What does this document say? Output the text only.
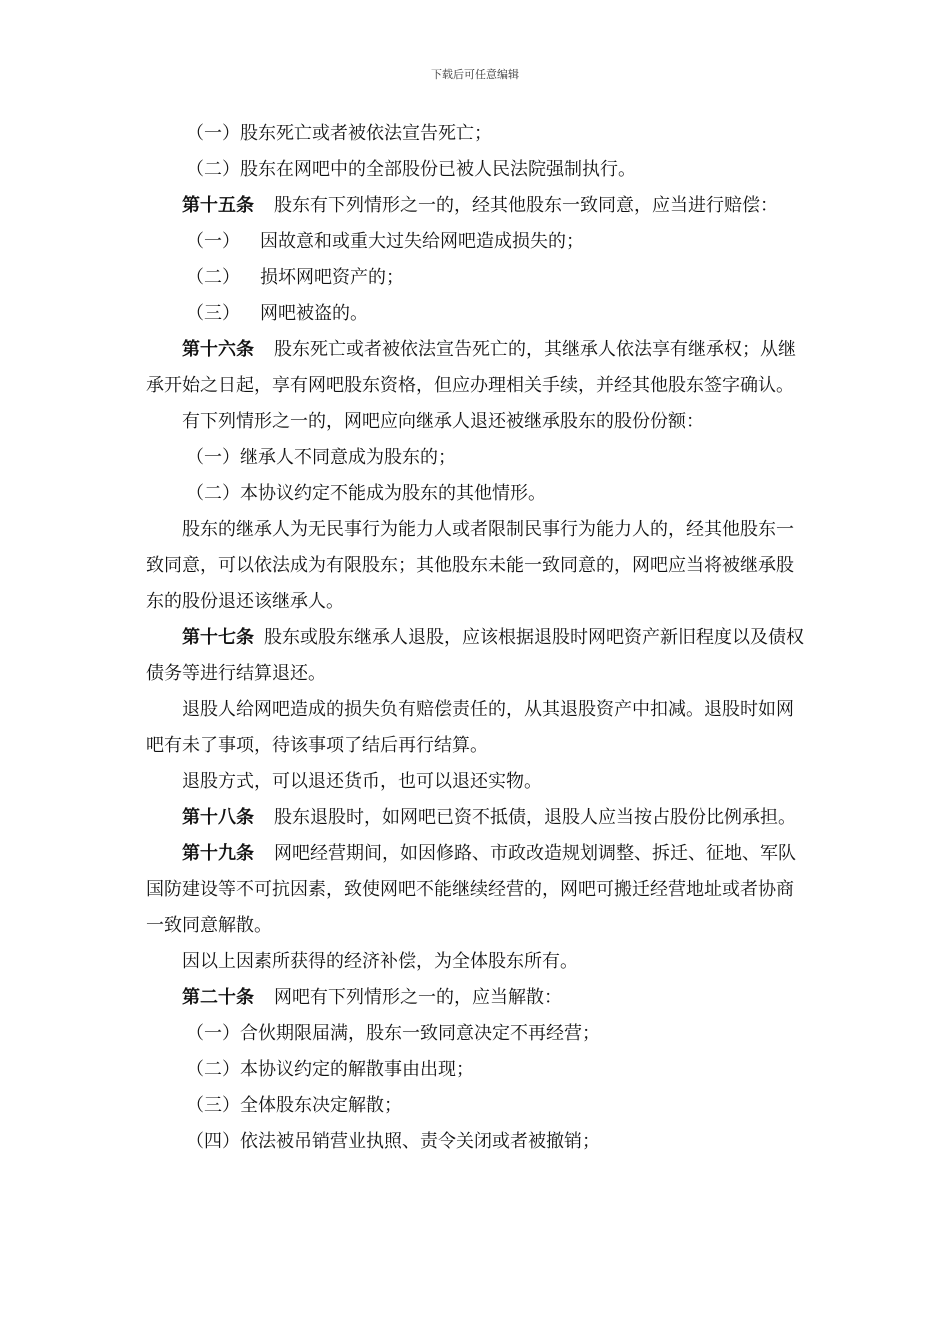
下载后可任意编辑

（一）股东死亡或者被依法宣告死亡；

（二）股东在网吧中的全部股份已被人民法院强制执行。

第十五条 股东有下列情形之一的，经其他股东一致同意，应当进行赔偿：

（一） 因故意和或重大过失给网吧造成损失的；

（二） 损坏网吧资产的；

（三） 网吧被盗的。

第十六条 股东死亡或者被依法宣告死亡的，其继承人依法享有继承权；从继承开始之日起，享有网吧股东资格，但应办理相关手续，并经其他股东签字确认。

有下列情形之一的，网吧应向继承人退还被继承股东的股份份额：

（一）继承人不同意成为股东的；

（二）本协议约定不能成为股东的其他情形。

股东的继承人为无民事行为能力人或者限制民事行为能力人的，经其他股东一致同意，可以依法成为有限股东；其他股东未能一致同意的，网吧应当将被继承股东的股份退还该继承人。

第十七条 股东或股东继承人退股，应该根据退股时网吧资产新旧程度以及债权债务等进行结算退还。

退股人给网吧造成的损失负有赔偿责任的，从其退股资产中扣减。退股时如网吧有未了事项，待该事项了结后再行结算。

退股方式，可以退还货币，也可以退还实物。

第十八条 股东退股时，如网吧已资不抵债，退股人应当按占股份比例承担。

第十九条 网吧经营期间，如因修路、市政改造规划调整、拆迁、征地、军队国防建设等不可抗因素，致使网吧不能继续经营的，网吧可搬迁经营地址或者协商一致同意解散。

因以上因素所获得的经济补偿，为全体股东所有。

第二十条 网吧有下列情形之一的，应当解散：

（一）合伙期限届满，股东一致同意决定不再经营；

（二）本协议约定的解散事由出现；

（三）全体股东决定解散；

（四）依法被吊销营业执照、责令关闭或者被撤销；
